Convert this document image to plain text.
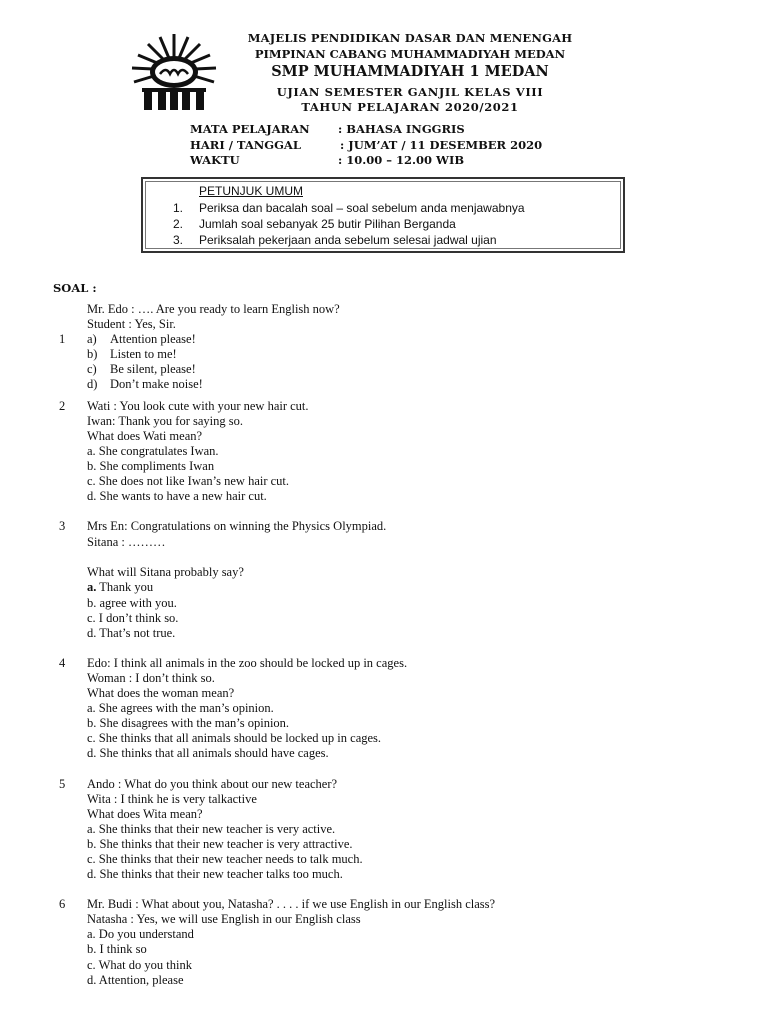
MAJELIS PENDIDIKAN DASAR DAN MENENGAH
PIMPINAN CABANG MUHAMMADIYAH MEDAN
SMP MUHAMMADIYAH 1 MEDAN
UJIAN SEMESTER GANJIL KELAS VIII
TAHUN PELAJARAN 2020/2021
MATA PELAJARAN : BAHASA INGGRIS
HARI / TANGGAL	: JUM’AT / 11 DESEMBER 2020
WAKTU	: 10.00 – 12.00 WIB
PETUNJUK UMUM
1. Periksa dan bacalah soal – soal sebelum anda menjawabnya
2. Jumlah soal sebanyak 25 butir Pilihan Berganda
3. Periksalah pekerjaan anda sebelum selesai jadwal ujian
SOAL :
Mr. Edo : …. Are you ready to learn English now?
Student : Yes, Sir.
1 a) Attention please!
b) Listen to me!
c) Be silent, please!
d) Don’t make noise!
2 Wati : You look cute with your new hair cut.
Iwan: Thank you for saying so.
What does Wati mean?
a. She congratulates Iwan.
b. She compliments Iwan
c. She does not like Iwan’s new hair cut.
d. She wants to have a new hair cut.
3 Mrs En: Congratulations on winning the Physics Olympiad.
Sitana : ………
What will Sitana probably say?
a. Thank you
b. agree with you.
c. I don’t think so.
d. That’s not true.
4 Edo: I think all animals in the zoo should be locked up in cages.
Woman : I don’t think so.
What does the woman mean?
a. She agrees with the man’s opinion.
b. She disagrees with the man’s opinion.
c. She thinks that all animals should be locked up in cages.
d. She thinks that all animals should have cages.
5 Ando : What do you think about our new teacher?
Wita : I think he is very talkactive
What does Wita mean?
a. She thinks that their new teacher is very active.
b. She thinks that their new teacher is very attractive.
c. She thinks that their new teacher needs to talk much.
d. She thinks that their new teacher talks too much.
6 Mr. Budi : What about you, Natasha? . . . . if we use English in our English class?
Natasha : Yes, we will use English in our English class
a. Do you understand
b. I think so
c. What do you think
d. Attention, please
